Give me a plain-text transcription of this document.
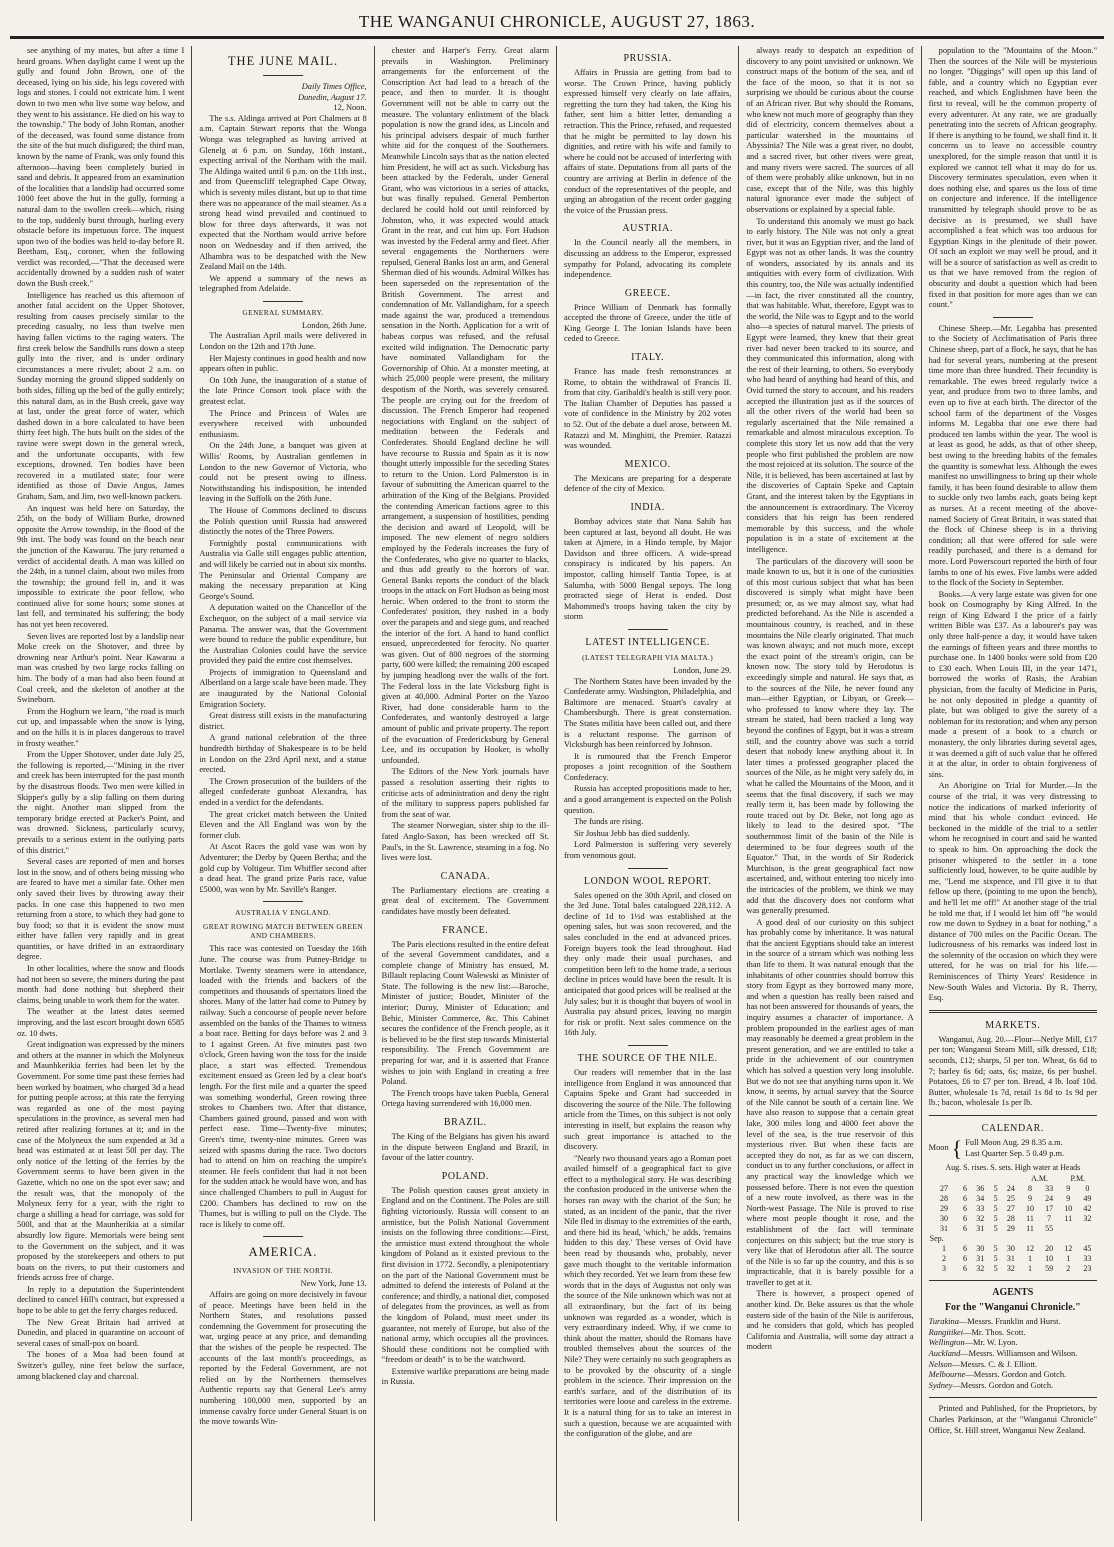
THE WANGANUI CHRONICLE, AUGUST 27, 1863.

see anything of my mates, but after a time I heard groans. When daylight came I went up the gully and found John Brown, one of the deceased, lying on his side, his legs covered with logs and stones. I could not extricate him. I went down to two men who live some way below, and they went to his assistance. He died on his way to the township." The body of John Roman, another of the deceased, was found some distance from the site of the hut much disfigured; the third man, known by the name of Frank, was only found this afternoon—having been completely buried in sand and debris. It appeared from an examination of the localities that a landslip had occurred some 1000 feet above the hut in the gully, forming a natural dam to the swollen creek—which, rising to the top, suddenly burst through, hurling every obstacle before its impetuous force. The inquest upon two of the bodies was held to-day before R. Beetham, Esq., coroner, when the following verdict was recorded,—"That the deceased were accidentally drowned by a sudden rush of water down the Bush creek."

Intelligence has reached us this afternoon of another fatal accident on the Upper Shotover, resulting from causes precisely similar to the preceding casualty, no less than twelve men having fallen victims to the raging waters. The first creek below the Sandhills runs down a steep gully into the river, and is under ordinary circumstances a mere rivulet; about 2 a.m. on Sunday morning the ground slipped suddenly on both sides, filling up the bed of the gully entirely; this natural dam, as in the Bush creek, gave way at last, under the great force of water, which dashed down in a bore calculated to have been thirty feet high. The huts built on the sides of the ravine were swept down in the general wreck, and the unfortunate occupants, with few exceptions, drowned. Ten bodies have been recovered in a mutilated state; four were identified as those of Davie Angus, James Graham, Sam, and Jim, two well-known packers.

An inquest was held here on Saturday, the 25th, on the body of William Burke, drowned opposite the Arrow township, in the flood of the 9th inst. The body was found on the beach near the junction of the Kawarau. The jury returned a verdict of accidental death. A man was killed on the 24th, in a tunnel claim, about two miles from the township; the ground fell in, and it was impossible to extricate the poor fellow, who continued alive for some hours; some stones at last fell, and terminated his suffering; the body has not yet been recovered.

Seven lives are reported lost by a landslip near Moke creek on the Shotover, and three by drowning near Arthur's point. Near Kawarau a man was crushed by two large rocks falling on him. The body of a man had also been found at Coal creek, and the skeleton of another at the Swineburn.

From the Hogburn we learn, "the road is much cut up, and impassable when the snow is lying, and on the hills it is in places dangerous to travel in frosty weather."

From the Upper Shotover, under date July 25, the following is reported,—"Mining in the river and creek has been interrupted for the past month by the disastrous floods. Two men were killed in Skipper's gully by a slip falling on them during the night. Another man slipped from the temporary bridge erected at Packer's Point, and was drowned. Sickness, particularly scurvy, prevails to a serious extent in the outlying parts of this district."

Several cases are reported of men and horses lost in the snow, and of others being missing who are feared to have met a similar fate. Other men only saved their lives by throwing away their packs. In one case this happened to two men returning from a store, to which they had gone to buy food; so that it is evident the snow must either have fallen very rapidly and in great quantities, or have drifted in an extraordinary degree.

In other localities, where the snow and floods had not been so severe, the miners during the past month had done nothing but shepherd their claims, being unable to work them for the water.

The weather at the latest dates seemed improving, and the last escort brought down 6585 oz. 10 dwts.

Great indignation was expressed by the miners and others at the manner in which the Molyneux and Maunhkerikia ferries had been let by the Government. For some time past these ferries had been worked by boatmen, who charged 3d a head for putting people across; at this rate the ferrying was regarded as one of the most paying speculations in the province, as several men had retired after realizing fortunes at it; and in the case of the Molyneux the sum expended at 3d a head was estimated at at least 50l per day. The only notice of the letting of the ferries by the Government seems to have been given in the Gazette, which no one on the spot ever saw; and the result was, that the monopoly of the Molyneux ferry for a year, with the right to charge a shilling a head for carriage, was sold for 500l, and that at the Maunherikia at a similar absurdly low figure. Memorials were being sent to the Government on the subject, and it was proposed by the storekeepers and others to put boats on the rivers, to put their customers and friends across free of charge.

In reply to a deputation the Superintendent declined to cancel Hill's contract, but expressed a hope to be able to get the ferry charges reduced.

The New Great Britain had arrived at Dunedin, and placed in quarantine on account of several cases of small-pox on board.

The bones of a Moa had been found at Switzer's gulley, nine feet below the surface, among blackened clay and charcoal.

THE JUNE MAIL.
Daily Times Office,
Dunedin, August 17.
12, Noon.

The s.s. Aldinga arrived at Port Chalmers at 8 a.m. Captain Stewart reports that the Wonga Wonga was telegraphed as having arrived at Glenelg at 6 p.m. on Sunday, 16th instant., expecting arrival of the Northam with the mail. The Aldinga waited until 6 p.m. on the 11th inst., and from Queenscliff telegraphed Cape Otway, which is seventy miles distant, but up to that time there was no appearance of the mail steamer. As a strong head wind prevailed and continued to blow for three days afterwards, it was not expected that the Northam would arrive before noon on Wednesday and if then arrived, the Alhambra was to be despatched with the New Zealand Mail on the 14th.

We append a summary of the news as telegraphed from Adelaide.

GENERAL SUMMARY.
London, 26th June.

The Australian April mails were delivered in London on the 12th and 17th June.

Her Majesty continues in good health and now appears often in public.

On 10th June, the inauguration of a statue of the late Prince Consort took place with the greatest eclat.

The Prince and Princess of Wales are everywhere received with unbounded enthusiasm.

On the 24th June, a banquet was given at Willis' Rooms, by Australian gentlemen in London to the new Governor of Victoria, who could not be present owing to illness. Notwithstanding his indisposition, he intended leaving in the Suffolk on the 26th June.

The House of Commons declined to discuss the Polish question until Russia had answered distinctly the notes of the Three Powers.

Fortnightly postal communications with Australia via Galle still engages public attention, and will likely be carried out in about six months. The Peninsular and Oriental Company are making the necessary preparation at King George's Sound.

A deputation waited on the Chancellor of the Exchequor, on the subject of a mail service via Panama. The answer was, that the Government were bound to reduce the public expenditure, but the Australian Colonies could have the service provided they paid the entire cost themselves.

Projects of immigration to Queensland and Albertland on a large scale have been made. They are inaugurated by the National Colonial Emigration Society.

Great distress still exists in the manufacturing district.

A grand national celebration of the three hundredth birthday of Shakespeare is to be held in London on the 23rd April next, and a statue erected.

The Crown prosecution of the builders of the alleged confederate gunboat Alexandra, has ended in a verdict for the defendants.

The great cricket match between the United Eleven and the All England was won by the former club.

At Ascot Races the gold vase was won by Adventurer; the Derby by Queen Bertha; and the gold cup by Voltigeur. Tim Whiffler second after a dead heat. The grand prize Paris race, value £5000, was won by Mr. Saville's Ranger.

AUSTRALIA V ENGLAND.
GREAT ROWING MATCH BETWEEN GREEN AND CHAMBERS.

This race was contested on Tuesday the 16th June. The course was from Putney-Bridge to Mortlake. Twenty steamers were in attendance, loaded with the friends and backers of the competitors and thousands of spectators lined the shores. Many of the latter had come to Putney by railway. Such a concourse of people never before assembled on the banks of the Thames to witness a boat race. Betting for days before was 2 and 3 to 1 against Green. At five minutes past two o'clock, Green having won the toss for the inside place, a start was effected. Tremendous excitement ensued as Green led by a clear boat's length. For the first mile and a quarter the speed was something wonderful, Green rowing three strokes to Chambers two. After that distance, Chambers gained ground, passed and won with perfect ease. Time—Twenty-five minutes; Green's time, twenty-nine minutes. Green was seized with spasms during the race. Two doctors had to attend on him on reaching the umpire's steamer. He feels confident that had it not been for the sudden attack he would have won, and has since challenged Chambers to pull in August for £200. Chambers has declined to row on the Thames, but is willing to pull on the Clyde. The race is likely to come off.

AMERICA.
INVASION OF THE NORTH.
New York, June 13.

Affairs are going on more decisively in favour of peace. Meetings have been held in the Northern States, and resolutions passed condemning the Government for prosecuting the war, urging peace at any price, and demanding that the wishes of the people be respected. The accounts of the last month's proceedings, as reported by the Federal Government, are not relied on by the Northerners themselves Authentic reports say that General Lee's army numbering 100,000 men, supported by an immense cavalry force under General Stuart is on the move towards Win-

chester and Harper's Ferry. Great alarm prevails in Washington. Preliminary arrangements for the enforcement of the Conscription Act had lead to a breach of the peace, and then to murder. It is thought Government will not be able to carry out the measure. The voluntary enlistment of the black population is now the grand idea, as Lincoln and his principal advisers despair of much further white aid for the conquest of the Southerners. Meanwhile Lincoln says that as the nation elected him President, he will act as such. Vicksburg has been attacked by the Federals, under General Grant, who was victorious in a series of attacks, but was finally repulsed. General Pemberton declared he could hold out until reinforced by Johnston, who, it was expected would attack Grant in the rear, and cut him up. Fort Hudson was invested by the Federal army and fleet. After several engagements the Northerners were repulsed, General Banks lost an arm, and General Sherman died of his wounds. Admiral Wilkes has been superseded on the representation of the British Government. The arrest and condemnation of Mr. Vallandigham, for a speech made against the war, produced a tremendous sensation in the North. Application for a writ of habeas corpus was refused, and the refusal excited wild indignation. The Democratic party have nominated Vallandigham for the Governorship of Ohio. At a monster meeting, at which 25,000 people were present, the military despotism of the North, was severely censured. The people are crying out for the freedom of discussion. The French Emperor had reopened negociations with England on the subject of meditation between the Federals and Confederates. Should England decline he will have recourse to Russia and Spain as it is now thought utterly impossible for the seceding States to return to the Union. Lord Palmerston is in favour of submitting the American quarrel to the arbitration of the King of the Belgians. Provided the contending American factions agree to this arrangement, a suspension of hostilities, pending the decision and award of Leopold, will be imposed. The new element of negro soldiers employed by the Federals increases the fury of the Confederates, who give no quarter to blacks, and thus add greatly to the horrors of war. General Banks reports the conduct of the black troops in the attack on Fort Hudson as being most heroic. When ordered to the front to storm the Confederates' position, they rushed in a body over the parapets and and siege guns, and reached the interior of the fort. A hand to hand conflict ensued, unprecedented for ferocity. No quarter was given. Out of 800 negroes of the storming party, 600 were killed; the remaining 200 escaped by jumping headlong over the walls of the fort. The Federal loss in the late Vicksburg fight is given at 40,000. Admiral Porter on the Yazoo River, had done considerable harm to the Confederates, and wantonly destroyed a large amount of public and private property. The report of the evacuation of Fredericksburg by General Lee, and its occupation by Hooker, is wholly unfounded.

The Editors of the New York journals have passed a resolution asserting their rights to criticise acts of administration and deny the right of the military to suppress papers published far from the seat of war.

The steamer Norwegian, sister ship to the ill-fated Anglo-Saxon, has been wrecked off St. Paul's, in the St. Lawrence, steaming in a fog. No lives were lost.

CANADA.

The Parliamentary elections are creating a great deal of excitement. The Government candidates have mostly been defeated.

FRANCE.

The Paris elections resulted in the entire defeat of the several Government candidates, and a complete change of Ministry has ensued, M. Billault replacing Count Walewski as Minister of State. The following is the new list:—Baroche, Minister of justice; Boudet, Minister of the interior; Duruy, Minister of Education; and Behic, Minister Commerce, &c. This Cabinet secures the confidence of the French people, as it is believed to be the first step towards Ministerial responsibility. The French Government are preparing for war, and it is asserted that France wishes to join with England in creating a free Poland.

The French troops have taken Puebla, General Ortega having surrendered with 16,000 men.

BRAZIL.

The King of the Belgians has given his award in the dispute between England and Brazil, in favour of the latter country.

POLAND.

The Polish question causes great anxiety in England and on the Continent. The Poles are still fighting victoriously. Russia will consent to an armistice, but the Polish National Government insists on the following three conditions:—First, the armistice must extend throughout the whole kingdom of Poland as it existed previous to the first division in 1772. Secondly, a plenipotentiary on the part of the National Government must be admitted to defend the interests of Poland at the conference; and thirdly, a national diet, composed of delegates from the provinces, as well as from the kingdom of Poland, must meet under its guarantee, not merely of Europe, but also of the national army, which occupies all the provinces. Should these conditions not be complied with "freedom or death" is to be the watchword.

Extensive warlike preparations are being made in Russia.

PRUSSIA.

Affairs in Prussia are getting from bad to worse. The Crown Prince, having publicly expressed himself very clearly on late affairs, regretting the turn they had taken, the King his father, sent him a bitter letter, demanding a retraction. This the Prince, refused, and requested that he might be permitted to lay down his dignities, and retire with his wife and family to where he could not be accused of interfering with affairs of state. Deputations from all parts of the country are arriving at Berlin in defence of the conduct of the representatives of the people, and urging an abrogation of the recent order gagging the voice of the Prussian press.

AUSTRIA.

In the Council nearly all the members, in discussing an address to the Emperor, expressed sympathy for Poland, advocating its complete independence.

GREECE.

Prince William of Denmark has formally accepted the throne of Greece, under the title of King George I. The Ionian Islands have been ceded to Greece.

ITALY.

France has made fresh remonstrances at Rome, to obtain the withdrawal of Francis II. from that city. Garibaldi's health is still very poor. The Italian Chamber of Deputies has passed a vote of confidence in the Ministry by 202 votes to 52. Out of the debate a duel arose, between M. Ratazzi and M. Minghitti, the Premier. Ratazzi was wounded.

MEXICO.

The Mexicans are preparing for a desperate defence of the city of Mexico.

INDIA.

Bombay advices state that Nana Sahib has been captured at last, beyond all doubt. He was taken at Ajmere, in a Hindo temple, by Major Davidson and three officers. A wide-spread conspiracy is indicated by his papers. An impostor, calling himself Tantia Topee, is at Salumba, with 5000 Bengal sepoys. The long protracted siege of Herat is ended. Dost Mahommed's troops having taken the city by storm

LATEST INTELLIGENCE.
(LATEST TELEGRAPH VIA MALTA.)
London, June 29.

The Northern States have been invaded by the Confederate army. Washington, Philadelphia, and Baltimore are menaced. Stuart's cavalry at Chambersburgh. There is great consternation. The States militia have been called out, and there is a reluctant response. The garrison of Vicksburgh has been reinforced by Johnson.

It is rumoured that the French Emperor proposes a joint recognition of the Southern Confederacy.

Russia has accepted propositions made to her, and a good arrangement is expected on the Polish question.

The funds are rising.

Sir Joshua Jebb has died suddenly.

Lord Palmerston is suffering very severely from venomous gout.

LONDON WOOL REPORT.

Sales opened on the 30th April, and closed on the 3rd June. Total bales catalogued 228,112. A decline of 1d to 1½d was established at the opening sales, but was soon recovered, and the sales concluded in the end at advanced prices. Foreign buyers took the lead throughout. Had they only made their usual purchases, and competition been left to the home trade, a serious decline in prices would have been the result. It is anticipated that good prices will be realised at the July sales; but it is thought that buyers of wool in Australia pay absurd prices, leaving no margin for risk or profit. Next sales commence on the 16th July.

THE SOURCE OF THE NILE.

Our readers will remember that in the last intelligence from England it was announced that Captains Speke and Grant had succeeded in discovering the source of the Nile. The following article from the Times, on this subject is not only interesting in itself, but explains the reason why such great importance is attached to the discovery.

"Nearly two thousand years ago a Roman poet availed himself of a geographical fact to give effect to a mythological story. He was describing the confusion produced in the universe when the horses ran away with the chariot of the Sun; he stated, as an incident of the panic, that the river Nile fled in dismay to the extremities of the earth, and there hid its head, 'which,' he adds, 'remains hidden to this day.' These verses of Ovid have been read by thousands who, probably, never gave much thought to the veritable information which they recorded. Yet we learn from these few words that in the days of Augustus not only was the source of the Nile unknown which was not at all extraordinary, but the fact of its being unknown was regarded as a wonder, which is very extraordinary indeed. Why, if we come to think about the matter, should the Romans have troubled themselves about the sources of the Nile? They were certainly no such geographers as to be provoked by the obscurity of a single problem in the science. Their impression on the earth's surface, and of the distribution of its territories were loose and careless in the extreme. It is a natural thing for us to take an interest in such a question, because we are acquainted with the configuration of the globe, and are

always ready to despatch an expedition of discovery to any point unvisited or unknown. We construct maps of the bottom of the sea, and of the face of the moon, so that it is not so surprising we should be curious about the course of an African river. But why should the Romans, who knew not much more of geography than they did of electricity, concern themselves about a particular watershed in the mountains of Abyssinia? The Nile was a great river, no doubt, and a sacred river, but other rivers were great, and many rivers were sacred. The sources of all of them were probably alike unknown, but in no case, except that of the Nile, was this highly natural ignorance ever made the subject of observations or explained by a special fable.

To understand this anomaly we must go back to early history. The Nile was not only a great river, but it was an Egyptian river, and the land of Egypt was not as other lands. It was the country of wonders, associated by its annals and its antiquities with every form of civilization. With this country, too, the Nile was actually indentified—in fact, the river constituted all the country, that was habitable. What, therefore, Egypt was to the world, the Nile was to Egypt and to the world also—a species of natural marvel. The priests of Egypt were learned, they knew that their great river had never been tracked to its source, and they communicated this information, along with the rest of their learning, to others. So everybody who had heard of anything had heard of this, and Ovid turned the story to account, and his readers accepted the illustration just as if the sources of all the other rivers of the world had been so regularly ascertained that the Nile remained a remarkable and almost miraculous exception. To complete this story let us now add that the very people who first published the problem are now the most rejoiced at its solution. The source of the Nile, it is believed, has been ascertained at last by the discoveries of Captain Speke and Captain Grant, and the interest taken by the Egyptians in the announcement is extraordinary. The Viceroy considers that his reign has been rendered memorable by this success, and the whole population is in a state of excitement at the intelligence.

The particulars of the discovery will soon be made known to us, but it is one of the curiosities of this most curious subject that what has been discovered is simply what might have been presumed; or, as we may almost say, what had predicted beforehand. As the Nile is ascended a mountainous country, is reached, and in these mountains the Nile clearly originated. That much was known always; and not much more, except the exact point of the stream's origin, can be known now. The story told by Herodotus is exceedingly simple and natural. He says that, as to the sources of the Nile, he never found any man—either Egyptian, or Libyan, or Greek—who professed to know where they lay. The stream he stated, had been tracked a long way beyond the confines of Egypt, but it was a stream still, and the country above was such a torrid desert that nobody knew anything about it. In later times a professed geographer placed the sources of the Nile, as he might very safely do, in what he called the Mountains of the Moon, and it seems that the final discovery, if such we may really term it, has been made by following the route traced out by Dr. Beke, not long ago as likely to lead to the desired spot. "The southernmost limit of the basin of the Nile is determined to be four degrees south of the Equator." That, in the words of Sir Roderick Murchison, is the great geographical fact now ascertained, and, without entering too nicely into the intricacies of the problem, we think we may add that the discovery does not conform what was generally presumed.

A good deal of our curiosity on this subject has probably come by inheritance. It was natural that the ancient Egyptians should take an interest in the source of a stream which was nothing less than life to them. It was natural enough that the inhabitants of other countries should borrow this story from Egypt as they borrowed many more, and when a question has really been raised and has not been answered for thousands of years, the inquiry assumes a character of importance. A problem propounded in the earliest ages of man may reasonably be deemed a great problem in the present generation, and we are entitled to take a pride in the achievement of our countrymen which has solved a question very long insoluble. But we do not see that anything turns upon it. We know, it seems, by actual survey that the Source of the Nile cannot be south of a certain line. We have also reason to suppose that a certain great lake, 300 miles long and 4000 feet above the level of the sea, is the true reservoir of this mysterious river. But when these facts are accepted they do not, as far as we can discern, conduct us to any further conclusions, or affect in any practical way the knowledge which we possessed before. There is not even the question of a new route involved, as there was in the North-west Passage. The Nile is proved to rise where most people thought it rose, and the establishment of the fact will terminate conjectures on this subject; but the true story is very like that of Herodotus after all. The source of the Nile is so far up the country, and this is so impracticable, that it is barely possible for a traveller to get at it.

There is however, a prospect opened of another kind. Dr. Beke assures us that the whole eastern side of the basin of the Nile is auriferous, and he considers that gold, which has peopled California and Australia, will some day attract a modern

population to the "Mountains of the Moon." Then the sources of the Nile will be mysterious no longer. "Diggings" will open up this land of fable, and a country which no Egyptian ever reached, and which Englishmen have been the first to reveal, will be the common property of every adventurer. At any rate, we are gradually penetrating into the secrets of African geography. If there is anything to be found, we shall find it. It concerns us to leave no accessible country unexplored, for the simple reason that until it is explored we cannot tell what it may do for us. Discovery terminates speculation, even when it does nothing else, and spares us the loss of time on conjecture and inference. If the intelligence transmitted by telegraph should prove to be as decisive as is presumed, we shall have accomplished a feat which was too arduous for Egyptian Kings in the plenitude of their power. Of such an exploit we may well be proud, and it will be a source of satisfaction as well as credit to us that we have removed from the region of obscurity and doubt a question which had been fixed in that position for more ages than we can count."

Chinese Sheep.—Mr. Legabba has presented to the Society of Acclimatisation of Paris three Chinese sheep, part of a flock, he says, that he has had for several years, numbering at the present time more than three hundred. Their fecundity is remarkable. The ewes breed regularly twice a year, and produce from two to three lambs, and even up to five at each birth. The director of the school farm of the department of the Vosges informs M. Legabba that one ewe there had produced ten lambs within the year. The wool is at least as good, he adds, as that of other sheep, best owing to the breeding habits of the females the quantity is somewhat less. Although the ewes manifest no unwillingness to bring up their whole family, it has been found desirable to allow them to suckle only two lambs each, goats being kept as nurses. At a recent meeting of the above-named Society of Great Britain, it was stated that the flock of Chinese sheep is in a thriving condition; all that were offered for sale were readily purchased, and there is a demand for more. Lord Powerscourt reported the birth of four lambs to one of his ewes. Five lambs were added to the flock of the Society in September.

Books.—A very large estate was given for one book on Cosmography by King Alfred. In the reign of King Edward I the price of a fairly written Bible was £37. As a labourer's pay was only three half-pence a day, it would have taken the earnings of fifteen years and three months to purchase one. In 1400 books were sold from £20 to £30 each. When Louis III, in the year 1471, borrowed the works of Rasis, the Arabian physician, from the faculty of Medicine in Paris, he not only deposited in pledge a quantity of plate, but was obliged to give the surety of a nobleman for its restoration; and when any person made a present of a book to a church or monastery, the only libraries during several ages, it was deemed a gift of such value that he offered it at the altar, in order to obtain forgiveness of sins.

An Aborigine on Trial for Murder.—In the course of the trial, it was very distressing to notice the indications of marked inferiority of mind that his whole conduct evinced. He beckoned in the middle of the trial to a settler whom he recognised in court and said he wanted to speak to him. On approaching the dock the prisoner whispered to the settler in a tone sufficiently loud, however, to be quite audible by me, "Lend me sixpence, and I'll give it to that fellow up there, (pointing to me upon the bench), and he'll let me off!" At another stage of the trial he told me that, if I would let him off "he would row me down to Sydney in a boat for nothing," a distance of 700 miles on the Pacific Ocean. The ludicrousness of his remarks was indeed lost in the solemnity of the occasion on which they were uttered, for he was on trial for his life.—Reminiscences of Thirty Years' Residence in New-South Wales and Victoria. By R. Therry, Esq.

MARKETS.

Wanganui, Aug. 20.—Flour—Netlye Mill, £17 per ton; Wanganui Steam Mill, silk dressed, £18; seconds, £12; sharps, 5l per ton. Wheat, 6s 6d to 7; barley 6s 6d; oats, 6s; maize, 6s per bushel. Potatoes, £6 to £7 per ton. Bread, 4 lb. loaf 10d. Butter, wholesale 1s 7d, retail 1s 8d to 1s 9d per lb.; bacon, wholesale 1s per lb.

CALENDAR.
Moon { Full Moon Aug. 29 8.35 a.m.
Last Quarter Sep. 5 0.49 p.m.
Aug. S. rises. S. sets. High water at Heads
					A.M.		P.M.	
27	6	36	5	24	8	33	9	0
28	6	34	5	25	9	24	9	49
29	6	33	5	27	10	17	10	42
30	6	32	5	28	11	7	11	32
31	6	31	5	29	11	55		
Sep.								
1	6	30	5	30	12	20	12	45
2	6	31	5	31	1	10	1	33
3	6	32	5	32	1	59	2	23
AGENTS
For the "Wanganui Chronicle."
Turakina—Messrs. Franklin and Hurst.
Rangitikei—Mr. Thos. Scott.
Wellington—Mr. W. Lyon.
Auckland—Messrs. Williamson and Wilson.
Nelson—Messrs. C. & J. Elliott.
Melbourne—Messrs. Gordon and Gotch.
Sydney—Messrs. Gordon and Gotch.

Printed and Published, for the Proprietors, by Charles Parkinson, at the "Wanganui Chronicle" Office, St. Hill street, Wanganui New Zealand.
